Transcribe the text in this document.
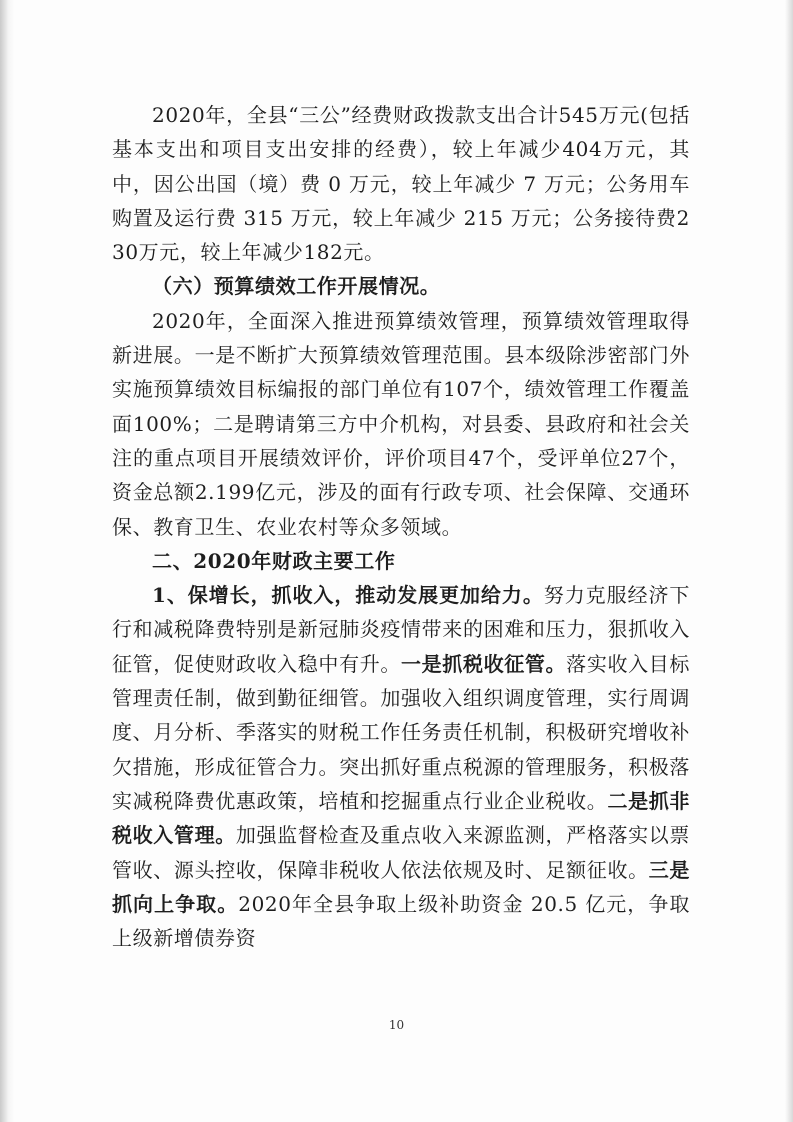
2020年，全县“三公”经费财政拨款支出合计545万元(包括基本支出和项目支出安排的经费），较上年减少404万元，其中，因公出国（境）费 0 万元，较上年减少 7 万元；公务用车购置及运行费 315 万元，较上年减少 215 万元；公务接待费230万元，较上年减少182元。

（六）预算绩效工作开展情况。

2020年，全面深入推进预算绩效管理，预算绩效管理取得新进展。一是不断扩大预算绩效管理范围。县本级除涉密部门外实施预算绩效目标编报的部门单位有107个，绩效管理工作覆盖面100%；二是聘请第三方中介机构，对县委、县政府和社会关注的重点项目开展绩效评价，评价项目47个，受评单位27个，资金总额2.199亿元，涉及的面有行政专项、社会保障、交通环保、教育卫生、农业农村等众多领域。

二、2020年财政主要工作

1、保增长，抓收入，推动发展更加给力。努力克服经济下行和减税降费特别是新冠肺炎疫情带来的困难和压力，狠抓收入征管，促使财政收入稳中有升。一是抓税收征管。落实收入目标管理责任制，做到勤征细管。加强收入组织调度管理，实行周调度、月分析、季落实的财税工作任务责任机制，积极研究增收补欠措施，形成征管合力。突出抓好重点税源的管理服务，积极落实减税降费优惠政策，培植和挖掘重点行业企业税收。二是抓非税收入管理。加强监督检查及重点收入来源监测，严格落实以票管收、源头控收，保障非税收人依法依规及时、足额征收。三是抓向上争取。2020年全县争取上级补助资金 20.5 亿元，争取上级新增债券资

10
